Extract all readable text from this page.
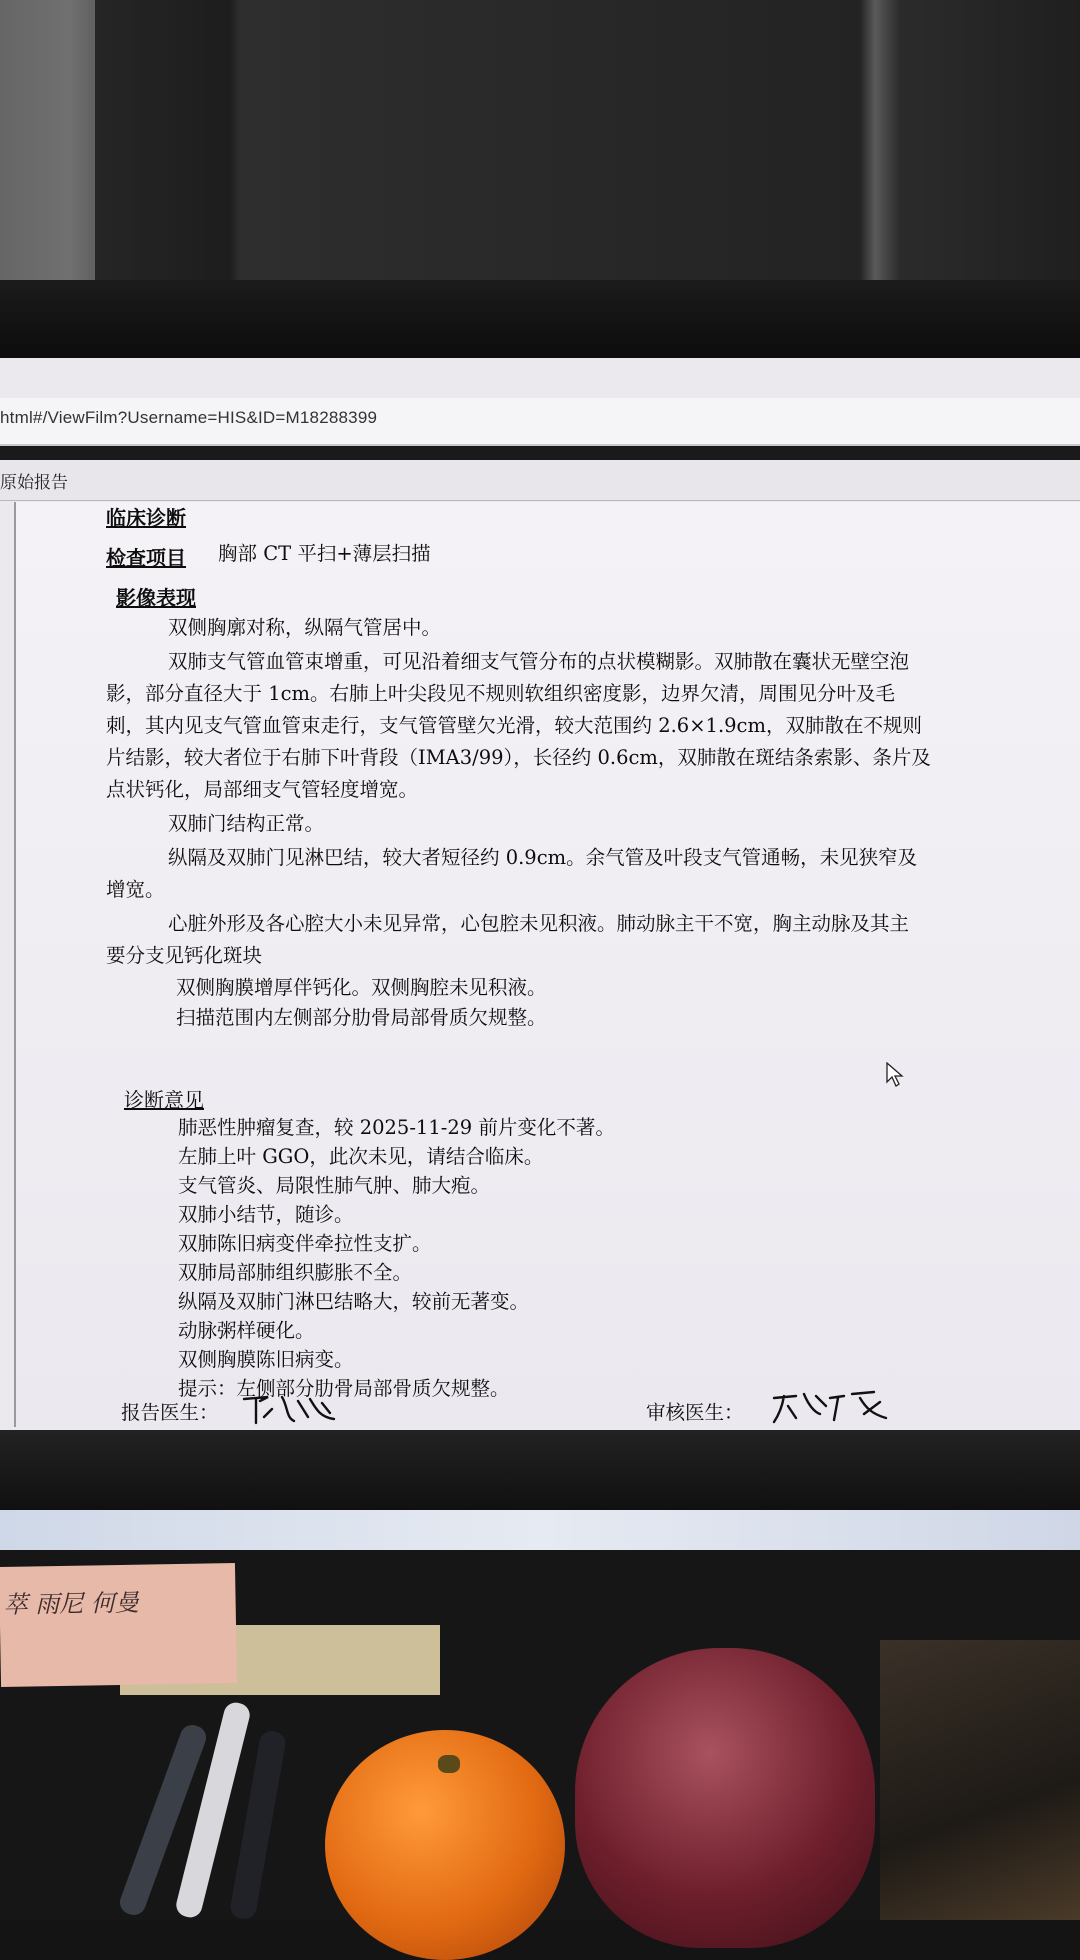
html#/ViewFilm?Username=HIS&ID=M18288399
原始报告
临床诊断
检查项目 胸部 CT 平扫+薄层扫描
影像表现
双侧胸廓对称，纵隔气管居中。
双肺支气管血管束增重，可见沿着细支气管分布的点状模糊影。双肺散在囊状无壁空泡
影，部分直径大于 1cm。右肺上叶尖段见不规则软组织密度影，边界欠清，周围见分叶及毛
刺，其内见支气管血管束走行，支气管管壁欠光滑，较大范围约 2.6×1.9cm，双肺散在不规则
片结影，较大者位于右肺下叶背段（IMA3/99），长径约 0.6cm，双肺散在斑结条索影、条片及
点状钙化，局部细支气管轻度增宽。
双肺门结构正常。
纵隔及双肺门见淋巴结，较大者短径约 0.9cm。余气管及叶段支气管通畅，未见狭窄及
增宽。
心脏外形及各心腔大小未见异常，心包腔未见积液。肺动脉主干不宽，胸主动脉及其主
要分支见钙化斑块
双侧胸膜增厚伴钙化。双侧胸腔未见积液。
扫描范围内左侧部分肋骨局部骨质欠规整。
诊断意见
肺恶性肿瘤复查，较 2025-11-29 前片变化不著。
左肺上叶 GGO，此次未见，请结合临床。
支气管炎、局限性肺气肿、肺大疱。
双肺小结节，随诊。
双肺陈旧病变伴牵拉性支扩。
双肺局部肺组织膨胀不全。
纵隔及双肺门淋巴结略大，较前无著变。
动脉粥样硬化。
双侧胸膜陈旧病变。
提示：左侧部分肋骨局部骨质欠规整。
报告医生：	审核医生：
萃 雨尼 何曼
